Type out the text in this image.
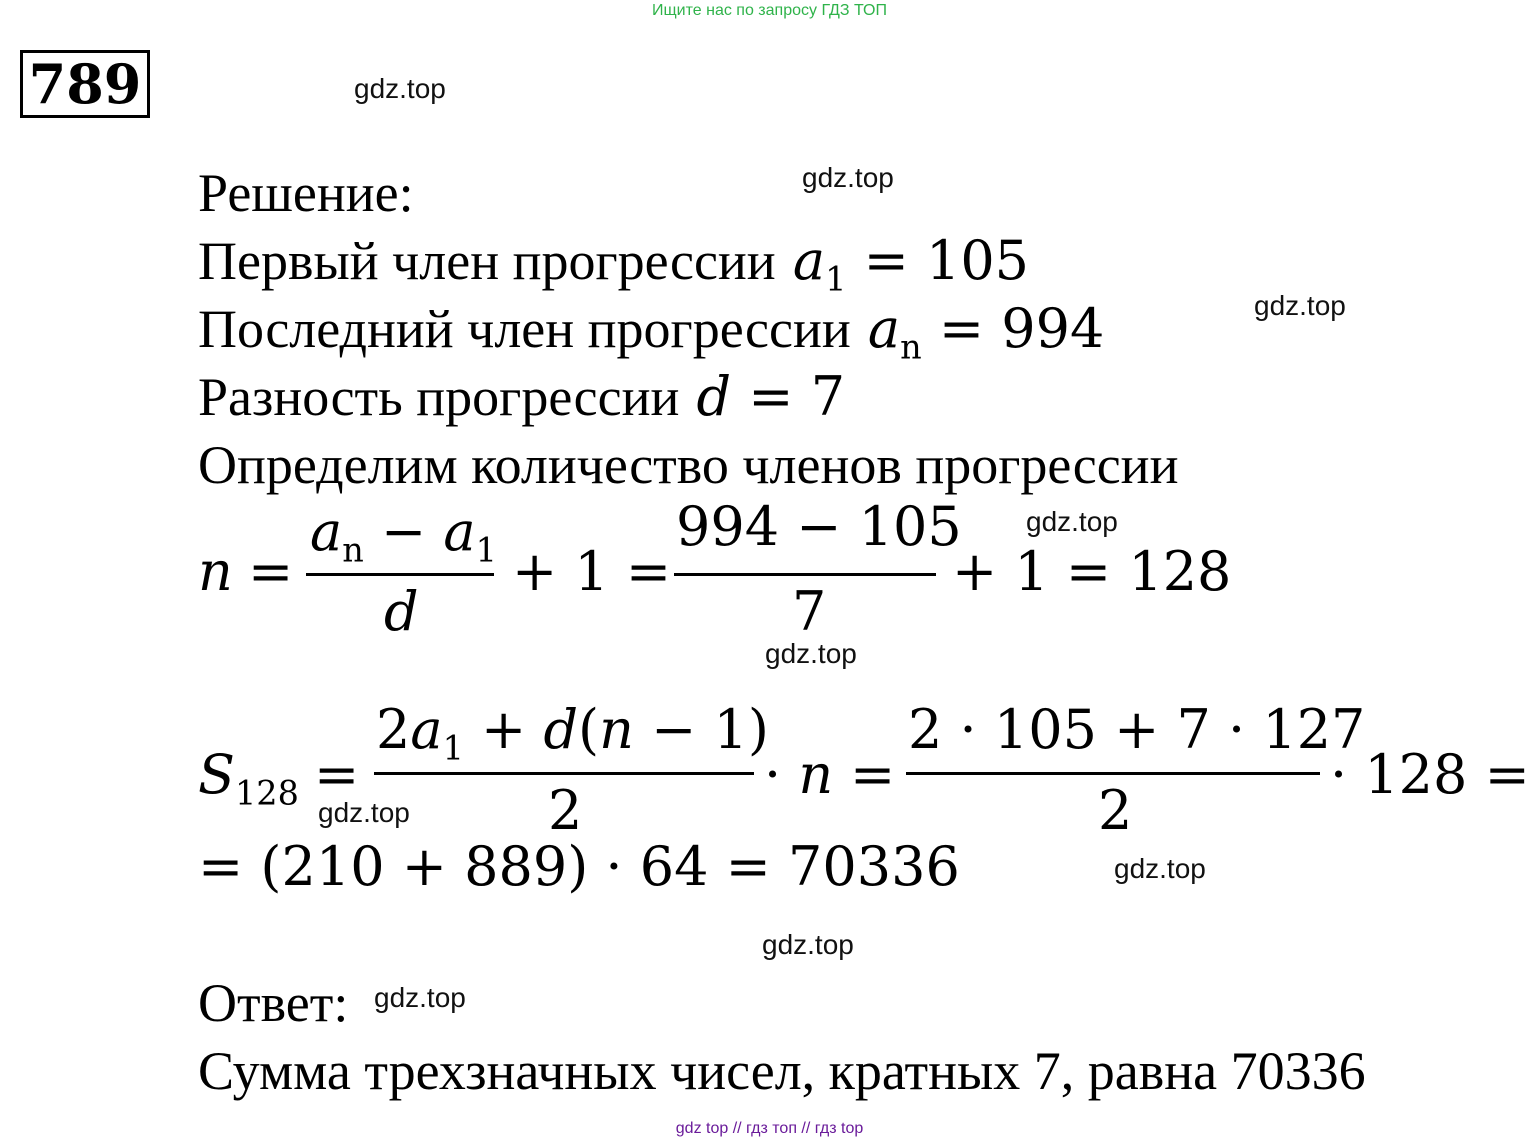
Ищите нас по запросу ГДЗ ТОП
789	gdz.top
gdz.top
gdz.top
gdz.top
gdz.top
gdz.top
gdz.top
gdz.top
gdz.top
Решение:
Первый член прогрессии $a_1 = 105$
Последний член прогрессии $a_n = 994$
Разность прогрессии d = 7
Определим количество членов прогрессии
n =
$a_n - a_1$
d
+ 1 =
994 − 105
7
+ 1 = 128
$S_{128}$ =
$2a_1 + d(n - 1)$
2
· n =
2 · 105 + 7 · 127
2
· 128 =
= (210 + 889) · 64 = 70336
Ответ:
Сумма трехзначных чисел, кратных 7, равна 70336
gdz top // гдз топ // гдз top
